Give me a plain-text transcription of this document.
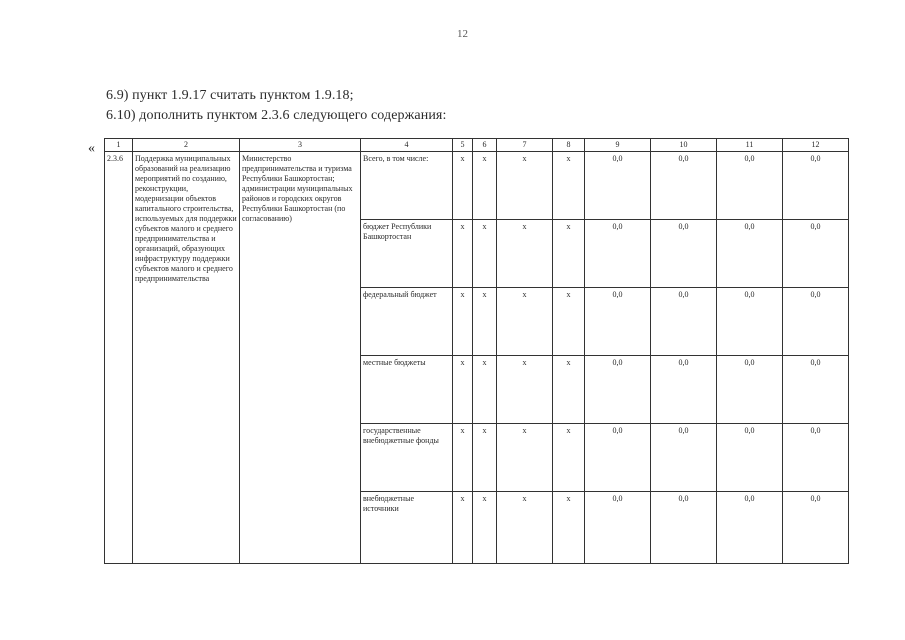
12
6.9) пункт 1.9.17 считать пунктом 1.9.18;
6.10) дополнить пунктом 2.3.6 следующего содержания:
«	1	2	3	4	5	6	7	8	9	10	11	12
2.3.6	Поддержка муниципальных образований на реализацию мероприятий по созданию, реконструкции, модернизации объектов капитального строительства, используемых для поддержки субъектов малого и среднего предпринимательства и организаций, образующих инфраструктуру поддержки субъектов малого и среднего предпринимательства	Министерство предпринимательства и туризма Республики Башкортостан; администрации муниципальных районов и городских округов Республики Башкортостан (по согласованию)	Всего, в том числе:	х	х	х	х	0,0	0,0	0,0	0,0
			бюджет Республики Башкортостан	х	х	х	х	0,0	0,0	0,0	0,0
			федеральный бюджет	х	х	х	х	0,0	0,0	0,0	0,0
			местные бюджеты	х	х	х	х	0,0	0,0	0,0	0,0
			государственные внебюджетные фонды	х	х	х	х	0,0	0,0	0,0	0,0
			внебюджетные источники	х	х	х	х	0,0	0,0	0,0	0,0
